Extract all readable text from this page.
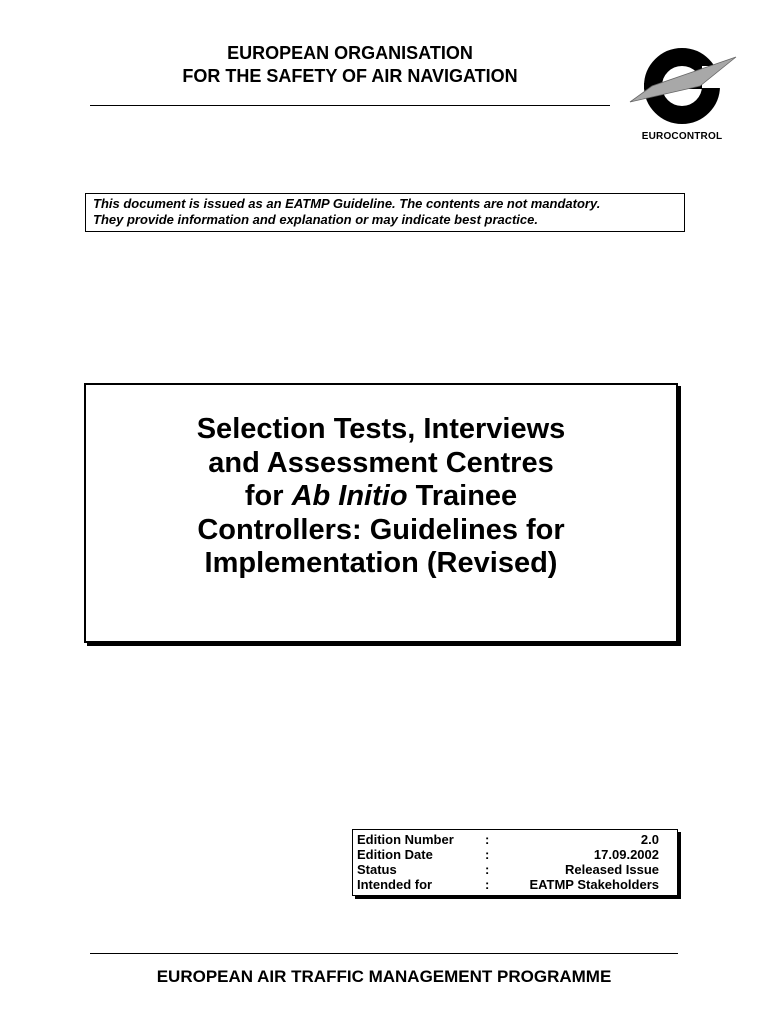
EUROPEAN ORGANISATION
FOR THE SAFETY OF AIR NAVIGATION
EUROCONTROL
This document is issued as an EATMP Guideline. The contents are not mandatory.
They provide information and explanation or may indicate best practice.
Selection Tests, Interviews
and Assessment Centres
for Ab Initio Trainee
Controllers: Guidelines for
Implementation (Revised)
Edition Number	:	2.0
Edition Date	:	17.09.2002
Status	:	Released Issue
Intended for	:	EATMP Stakeholders
EUROPEAN AIR TRAFFIC MANAGEMENT PROGRAMME
